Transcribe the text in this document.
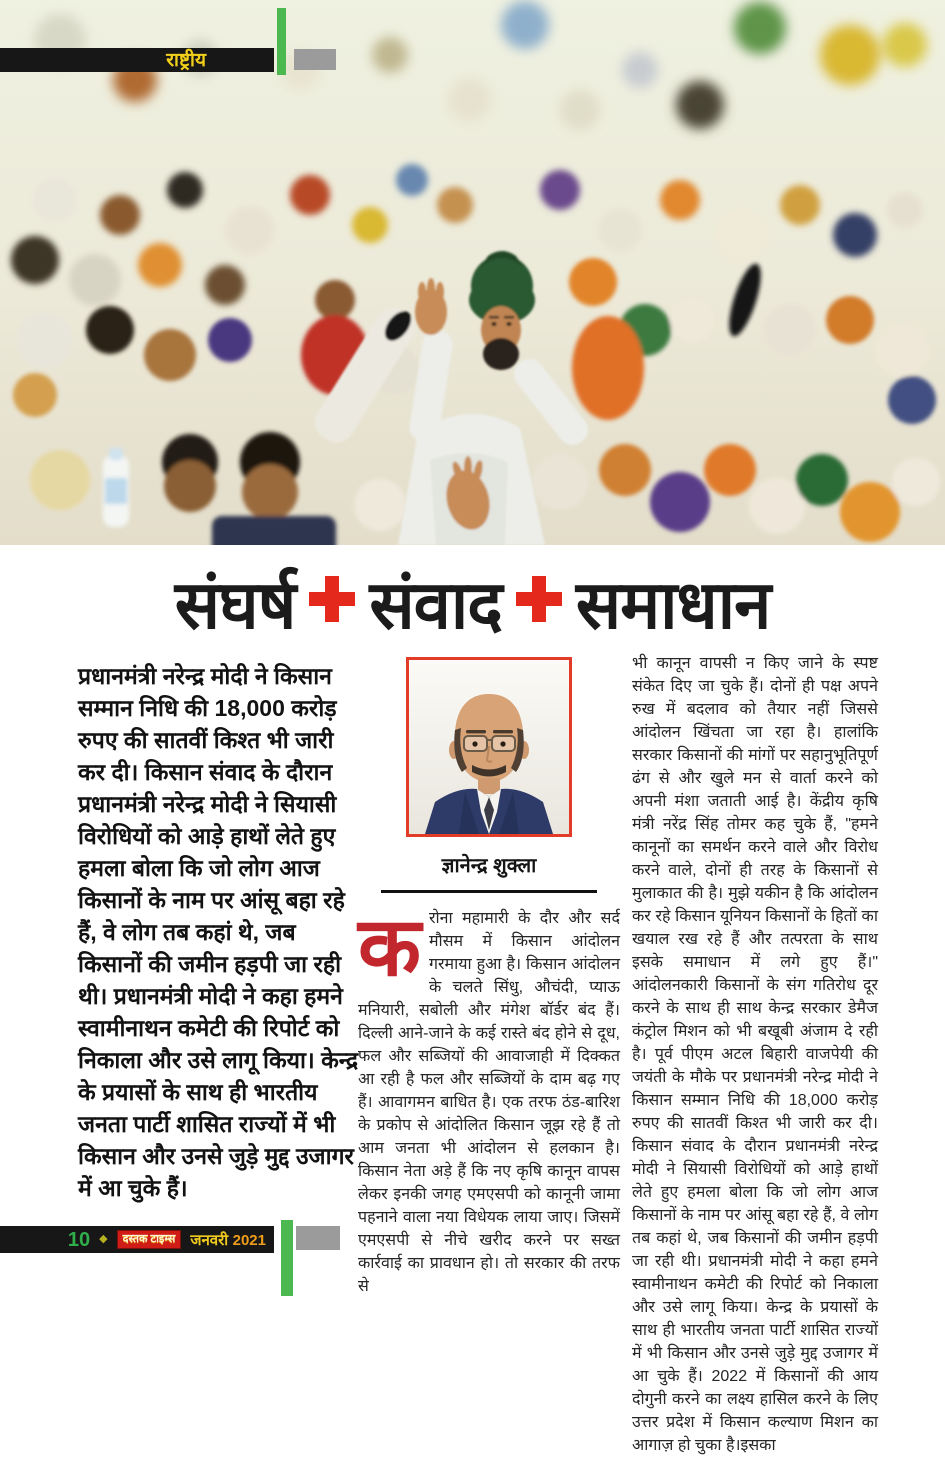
राष्ट्रीय
संघर्ष संवाद समाधान
प्रधानमंत्री नरेन्द्र मोदी ने किसान सम्मान निधि की 18,000 करोड़ रुपए की सातवीं किश्त भी जारी कर दी। किसान संवाद के दौरान प्रधानमंत्री नरेन्द्र मोदी ने सियासी विरोधियों को आड़े हाथों लेते हुए हमला बोला कि जो लोग आज किसानों के नाम पर आंसू बहा रहे हैं, वे लोग तब कहां थे, जब किसानों की जमीन हड़पी जा रही थी। प्रधानमंत्री मोदी ने कहा हमने स्वामीनाथन कमेटी की रिपोर्ट को निकाला और उसे लागू किया। केन्द्र के प्रयासों के साथ ही भारतीय जनता पार्टी शासित राज्यों में भी किसान और उनसे जुड़े मुद्द उजागर में आ चुके हैं।
ज्ञानेन्द्र शुक्ला
करोना महामारी के दौर और सर्द मौसम में किसान आंदोलन गरमाया हुआ है। किसान आंदोलन के चलते सिंधु, औचंदी, प्याऊ मनियारी, सबोली और मंगेश बॉर्डर बंद हैं। दिल्ली आने-जाने के कई रास्ते बंद होने से दूध, फल और सब्जियों की आवाजाही में दिक्कत आ रही है फल और सब्जियों के दाम बढ़ गए हैं। आवागमन बाधित है। एक तरफ ठंड-बारिश के प्रकोप से आंदोलित किसान जूझ रहे हैं तो आम जनता भी आंदोलन से हलकान है। किसान नेता अड़े हैं कि नए कृषि कानून वापस लेकर इनकी जगह एमएसपी को कानूनी जामा पहनाने वाला नया विधेयक लाया जाए। जिसमें एमएसपी से नीचे खरीद करने पर सख्त कार्रवाई का प्रावधान हो। तो सरकार की तरफ से
भी कानून वापसी न किए जाने के स्पष्ट संकेत दिए जा चुके हैं। दोनों ही पक्ष अपने रुख में बदलाव को तैयार नहीं जिससे आंदोलन खिंचता जा रहा है। हालांकि सरकार किसानों की मांगों पर सहानुभूतिपूर्ण ढंग से और खुले मन से वार्ता करने को अपनी मंशा जताती आई है। केंद्रीय कृषि मंत्री नरेंद्र सिंह तोमर कह चुके हैं, "हमने कानूनों का समर्थन करने वाले और विरोध करने वाले, दोनों ही तरह के किसानों से मुलाकात की है। मुझे यकीन है कि आंदोलन कर रहे किसान यूनियन किसानों के हितों का खयाल रख रहे हैं और तत्परता के साथ इसके समाधान में लगे हुए हैं।" आंदोलनकारी किसानों के संग गतिरोध दूर करने के साथ ही साथ केन्द्र सरकार डेमैज कंट्रोल मिशन को भी बखूबी अंजाम दे रही है। पूर्व पीएम अटल बिहारी वाजपेयी की जयंती के मौके पर प्रधानमंत्री नरेन्द्र मोदी ने किसान सम्मान निधि की 18,000 करोड़ रुपए की सातवीं किश्त भी जारी कर दी। किसान संवाद के दौरान प्रधानमंत्री नरेन्द्र मोदी ने सियासी विरोधियों को आड़े हाथों लेते हुए हमला बोला कि जो लोग आज किसानों के नाम पर आंसू बहा रहे हैं, वे लोग तब कहां थे, जब किसानों की जमीन हड़पी जा रही थी। प्रधानमंत्री मोदी ने कहा हमने स्वामीनाथन कमेटी की रिपोर्ट को निकाला और उसे लागू किया। केन्द्र के प्रयासों के साथ ही भारतीय जनता पार्टी शासित राज्यों में भी किसान और उनसे जुड़े मुद्द उजागर में आ चुके हैं। 2022 में किसानों की आय दोगुनी करने का लक्ष्य हासिल करने के लिए उत्तर प्रदेश में किसान कल्याण मिशन का आगाज़ हो चुका है।इसका
10 ◆	दस्तक टाइम्स	जनवरी 2021
